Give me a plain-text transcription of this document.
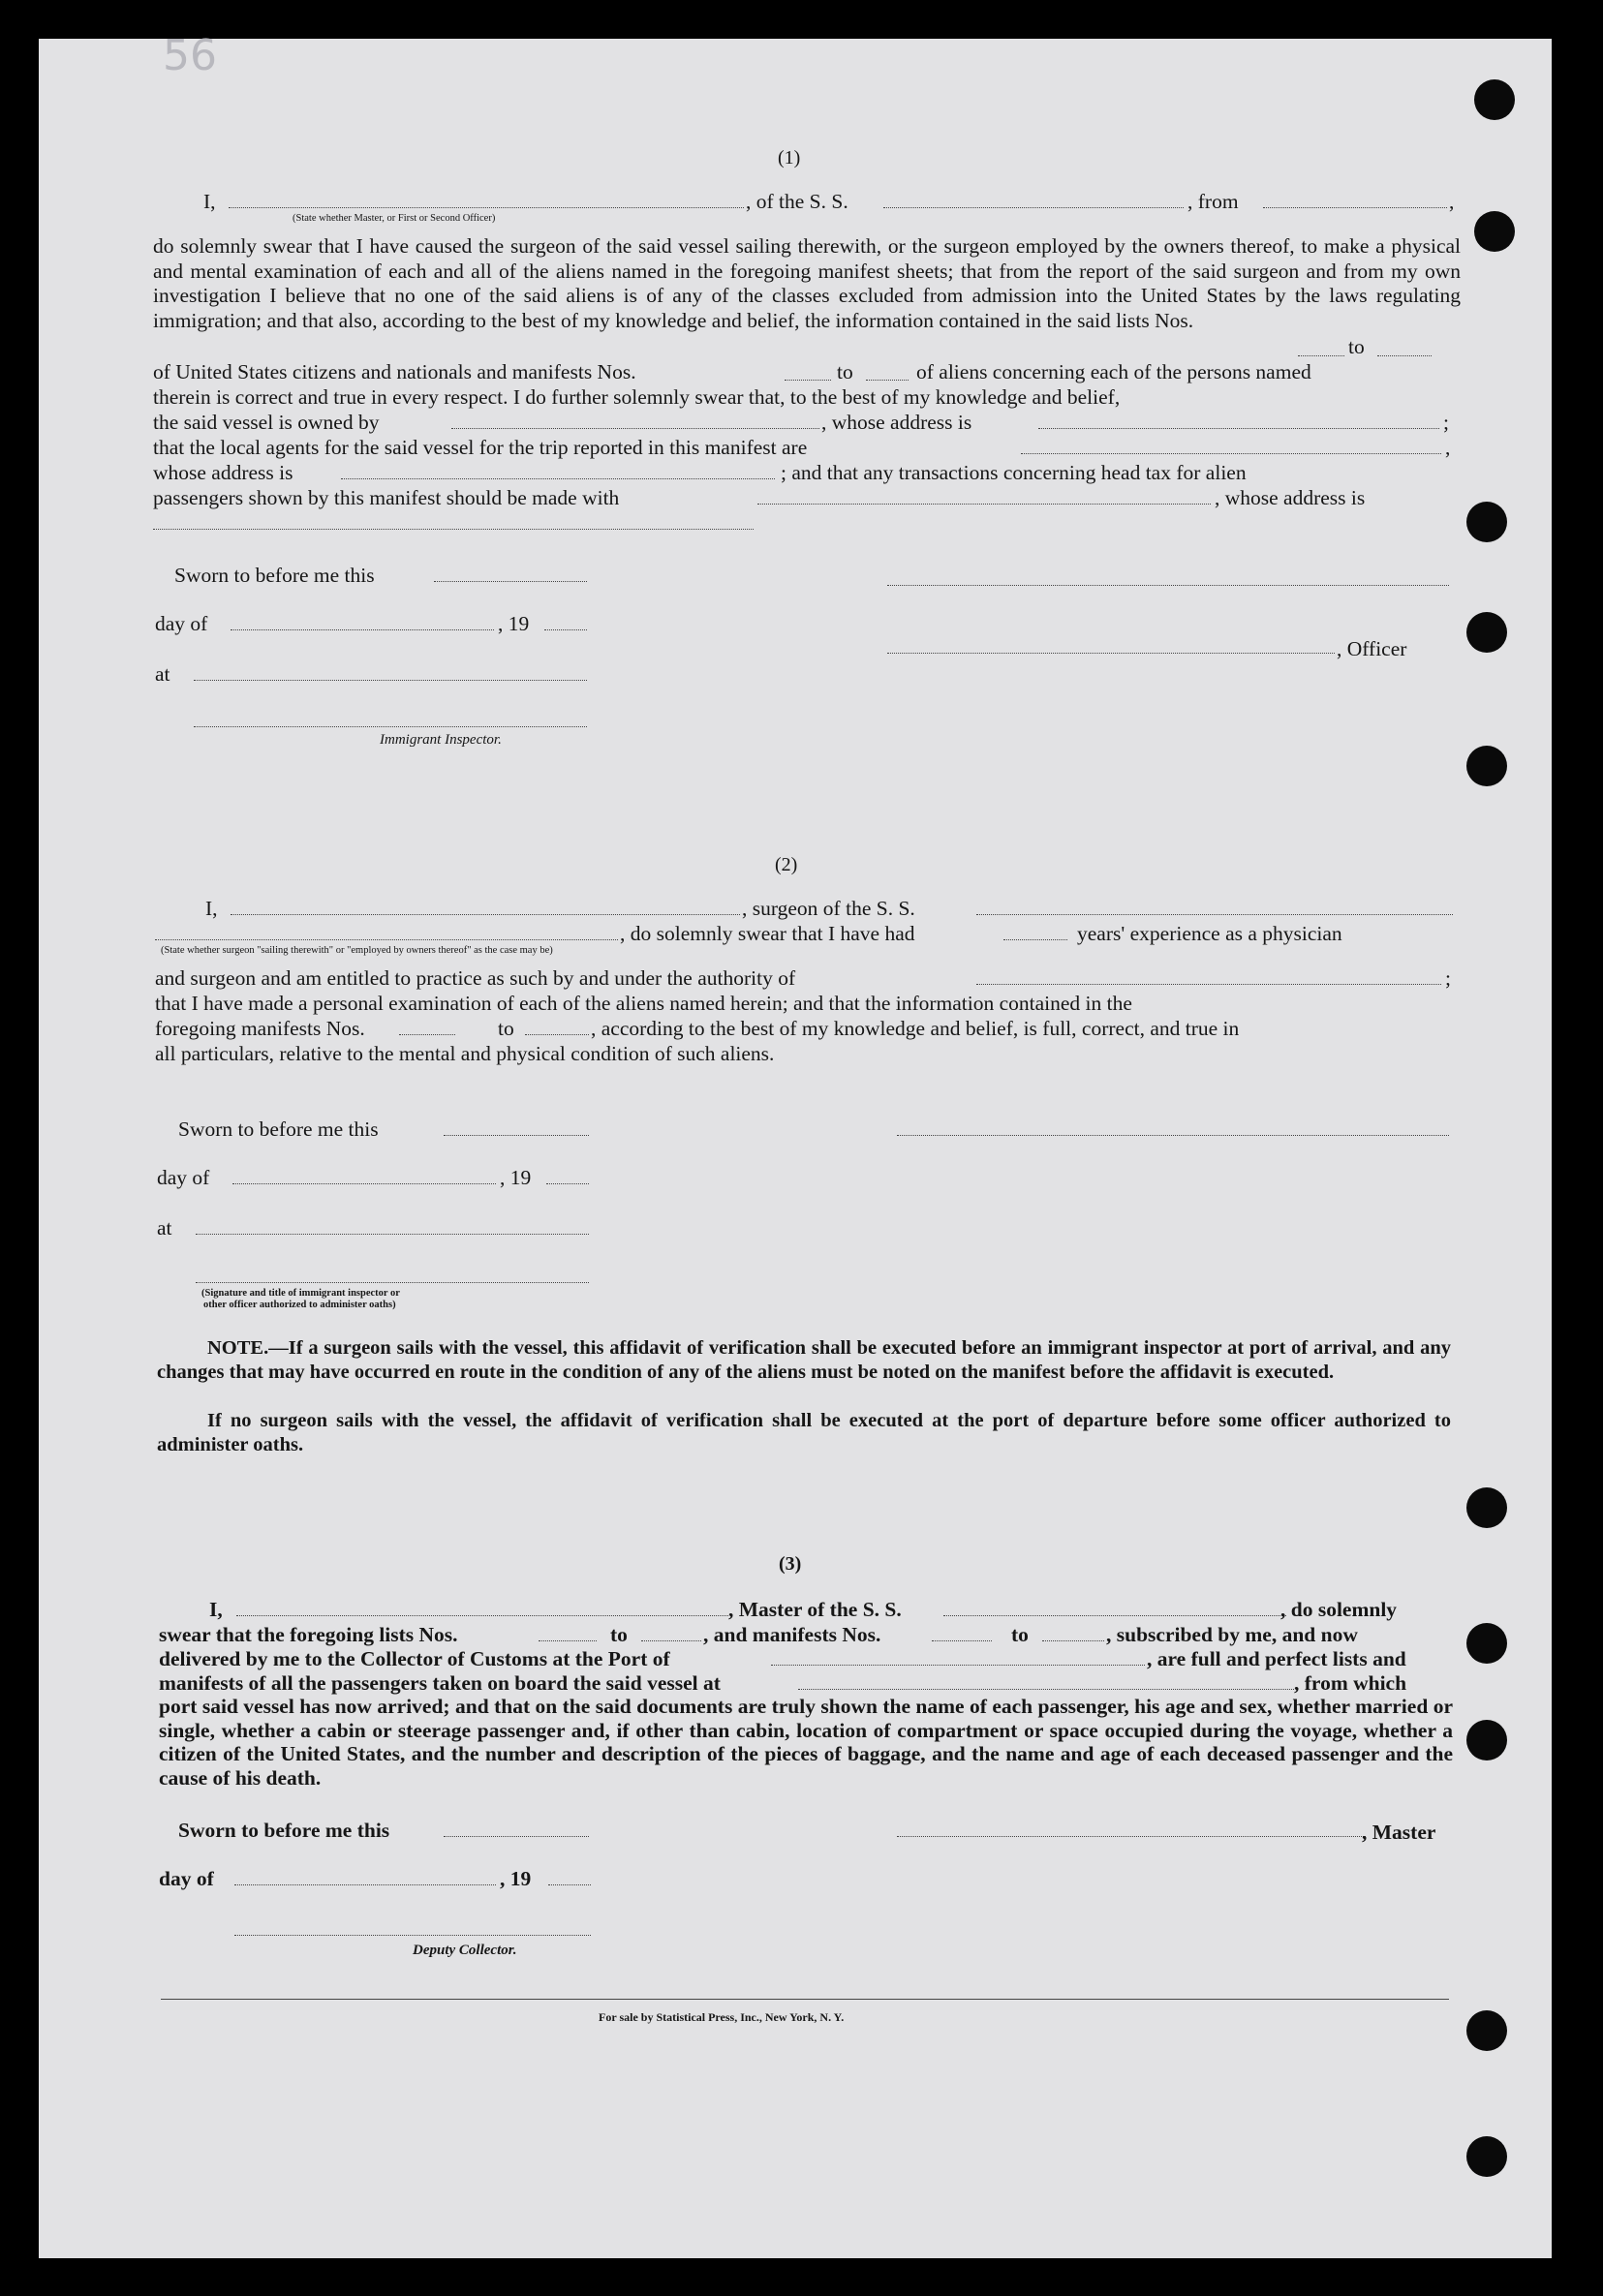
56
(1)
I,	, of the S. S.	, from	,
(State whether Master, or First or Second Officer)
do solemnly swear that I have caused the surgeon of the said vessel sailing therewith, or the surgeon employed by the owners thereof, to make a physical and mental examination of each and all of the aliens named in the foregoing manifest sheets; that from the report of the said surgeon and from my own investigation I believe that no one of the said aliens is of any of the classes excluded from admission into the United States by the laws regulating immigration; and that also, according to the best of my knowledge and belief, the information contained in the said lists Nos.
to
of United States citizens and nationals and manifests Nos.	to	of aliens concerning each of the persons named
therein is correct and true in every respect. I do further solemnly swear that, to the best of my knowledge and belief,
the said vessel is owned by	, whose address is	;
that the local agents for the said vessel for the trip reported in this manifest are	,
whose address is	; and that any transactions concerning head tax for alien
passengers shown by this manifest should be made with	, whose address is
Sworn to before me this
day of	, 19
, Officer
at
Immigrant Inspector.
(2)
I,	, surgeon of the S. S.
, do solemnly swear that I have had	years' experience as a physician
(State whether surgeon "sailing therewith" or "employed by owners thereof" as the case may be)
and surgeon and am entitled to practice as such by and under the authority of	;
that I have made a personal examination of each of the aliens named herein; and that the information contained in the
foregoing manifests Nos.	to	, according to the best of my knowledge and belief, is full, correct, and true in
all particulars, relative to the mental and physical condition of such aliens.
Sworn to before me this
day of	, 19
at
(Signature and title of immigrant inspector or
other officer authorized to administer oaths)
NOTE.—If a surgeon sails with the vessel, this affidavit of verification shall be executed before an immigrant inspector at port of arrival, and any changes that may have occurred en route in the condition of any of the aliens must be noted on the manifest before the affidavit is executed.
If no surgeon sails with the vessel, the affidavit of verification shall be executed at the port of departure before some officer authorized to administer oaths.
(3)
I,	, Master of the S. S.	, do solemnly
swear that the foregoing lists Nos.	to	, and manifests Nos.	to	, subscribed by me, and now
delivered by me to the Collector of Customs at the Port of	, are full and perfect lists and
manifests of all the passengers taken on board the said vessel at	, from which
port said vessel has now arrived; and that on the said documents are truly shown the name of each passenger, his age and sex, whether married or single, whether a cabin or steerage passenger and, if other than cabin, location of compartment or space occupied during the voyage, whether a citizen of the United States, and the number and description of the pieces of baggage, and the name and age of each deceased passenger and the cause of his death.
Sworn to before me this	, Master
day of	, 19
Deputy Collector.
For sale by Statistical Press, Inc., New York, N. Y.
